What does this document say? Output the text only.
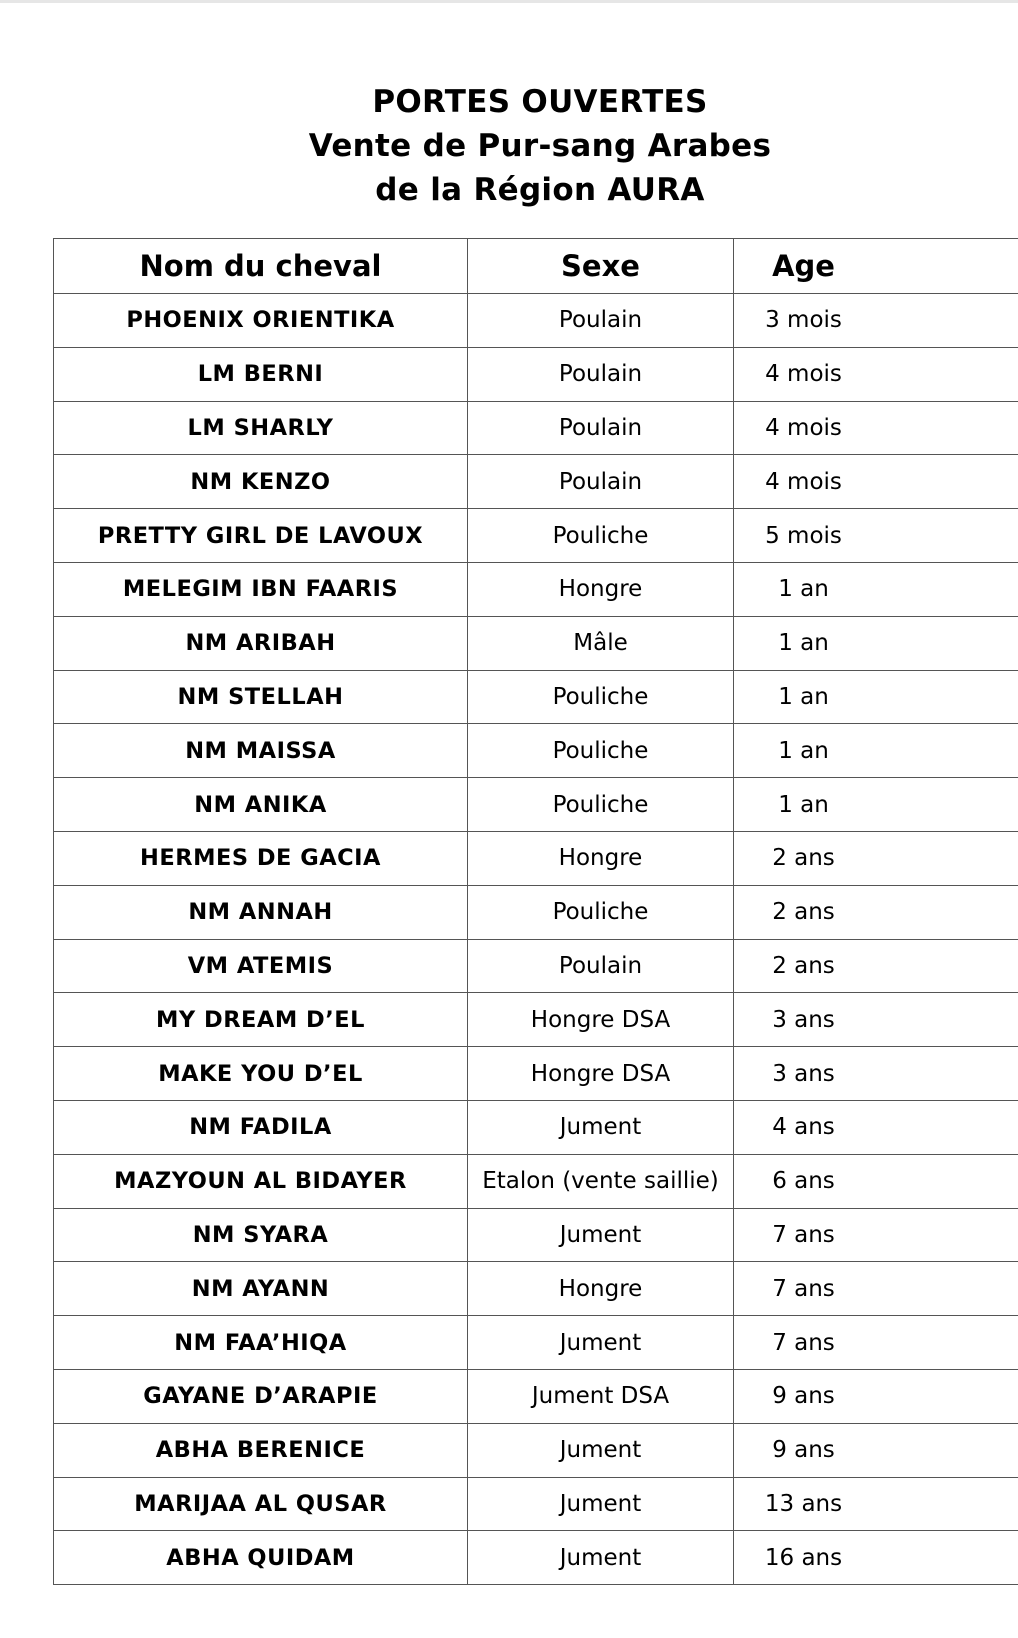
PORTES OUVERTES
Vente de Pur-sang Arabes
de la Région AURA
Nom du cheval	Sexe	Age
PHOENIX ORIENTIKA	Poulain	3 mois
LM BERNI	Poulain	4 mois
LM SHARLY	Poulain	4 mois
NM KENZO	Poulain	4 mois
PRETTY GIRL DE LAVOUX	Pouliche	5 mois
MELEGIM IBN FAARIS	Hongre	1 an
NM ARIBAH	Mâle	1 an
NM STELLAH	Pouliche	1 an
NM MAISSA	Pouliche	1 an
NM ANIKA	Pouliche	1 an
HERMES DE GACIA	Hongre	2 ans
NM ANNAH	Pouliche	2 ans
VM ATEMIS	Poulain	2 ans
MY DREAM D’EL	Hongre DSA	3 ans
MAKE YOU D’EL	Hongre DSA	3 ans
NM FADILA	Jument	4 ans
MAZYOUN AL BIDAYER	Etalon (vente saillie)	6 ans
NM SYARA	Jument	7 ans
NM AYANN	Hongre	7 ans
NM FAA’HIQA	Jument	7 ans
GAYANE D’ARAPIE	Jument DSA	9 ans
ABHA BERENICE	Jument	9 ans
MARIJAA AL QUSAR	Jument	13 ans
ABHA QUIDAM	Jument	16 ans
